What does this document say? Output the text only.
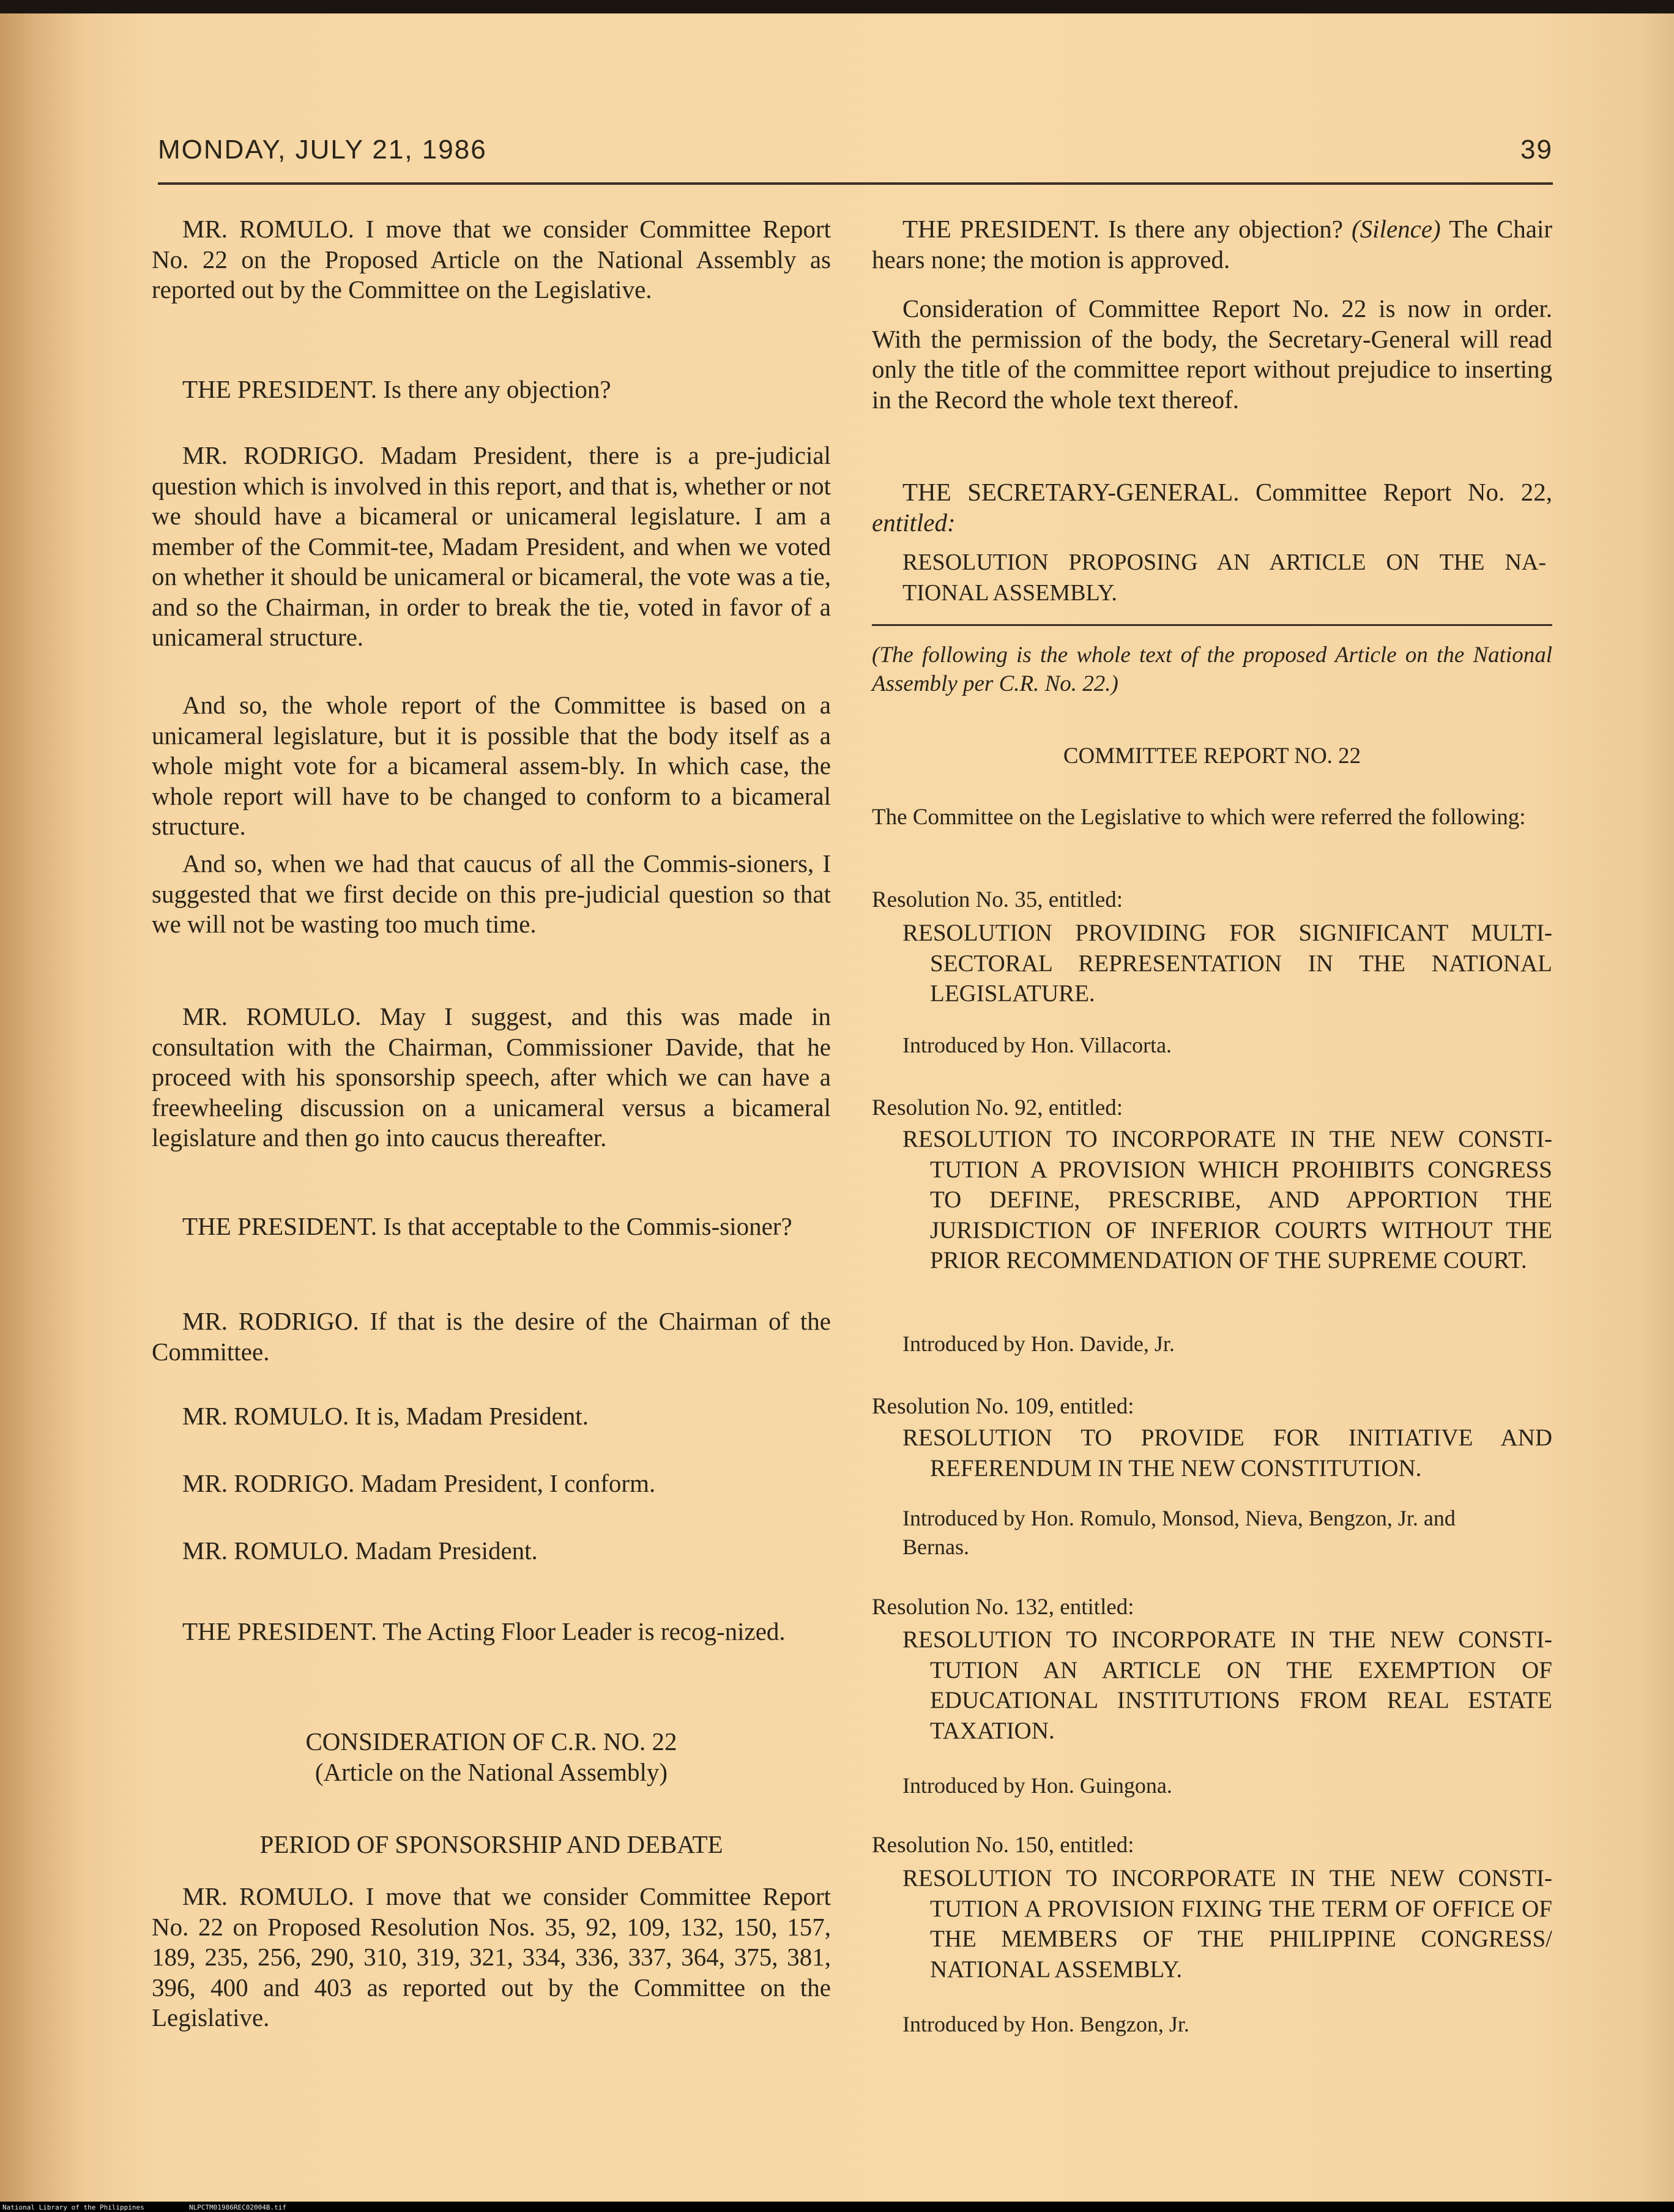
MONDAY, JULY 21, 1986	39

MR. ROMULO. I move that we consider Committee Report No. 22 on the Proposed Article on the National Assembly as reported out by the Committee on the Legislative.

THE PRESIDENT. Is there any objection?

MR. RODRIGO. Madam President, there is a pre-judicial question which is involved in this report, and that is, whether or not we should have a bicameral or unicameral legislature. I am a member of the Commit-tee, Madam President, and when we voted on whether it should be unicameral or bicameral, the vote was a tie, and so the Chairman, in order to break the tie, voted in favor of a unicameral structure.

And so, the whole report of the Committee is based on a unicameral legislature, but it is possible that the body itself as a whole might vote for a bicameral assem-bly. In which case, the whole report will have to be changed to conform to a bicameral structure.

And so, when we had that caucus of all the Commis-sioners, I suggested that we first decide on this pre-judicial question so that we will not be wasting too much time.

MR. ROMULO. May I suggest, and this was made in consultation with the Chairman, Commissioner Davide, that he proceed with his sponsorship speech, after which we can have a freewheeling discussion on a unicameral versus a bicameral legislature and then go into caucus thereafter.

THE PRESIDENT. Is that acceptable to the Commis-sioner?

MR. RODRIGO. If that is the desire of the Chairman of the Committee.

MR. ROMULO. It is, Madam President.

MR. RODRIGO. Madam President, I conform.

MR. ROMULO. Madam President.

THE PRESIDENT. The Acting Floor Leader is recog-nized.

CONSIDERATION OF C.R. NO. 22

(Article on the National Assembly)

PERIOD OF SPONSORSHIP AND DEBATE

MR. ROMULO. I move that we consider Committee Report No. 22 on Proposed Resolution Nos. 35, 92, 109, 132, 150, 157, 189, 235, 256, 290, 310, 319, 321, 334, 336, 337, 364, 375, 381, 396, 400 and 403 as reported out by the Committee on the Legislative.

THE PRESIDENT. Is there any objection? (Silence) The Chair hears none; the motion is approved.

Consideration of Committee Report No. 22 is now in order. With the permission of the body, the Secretary-General will read only the title of the committee report without prejudice to inserting in the Record the whole text thereof.

THE SECRETARY-GENERAL. Committee Report No. 22, entitled:

RESOLUTION PROPOSING AN ARTICLE ON THE NA-TIONAL ASSEMBLY.

(The following is the whole text of the proposed Article on the National Assembly per C.R. No. 22.)

COMMITTEE REPORT NO. 22

The Committee on the Legislative to which were referred the following:

Resolution No. 35, entitled:

RESOLUTION PROVIDING FOR SIGNIFICANT MULTI-SECTORAL REPRESENTATION IN THE NATIONAL LEGISLATURE.

Introduced by Hon. Villacorta.

Resolution No. 92, entitled:

RESOLUTION TO INCORPORATE IN THE NEW CONSTI-TUTION A PROVISION WHICH PROHIBITS CONGRESS TO DEFINE, PRESCRIBE, AND APPORTION THE JURISDICTION OF INFERIOR COURTS WITHOUT THE PRIOR RECOMMENDATION OF THE SUPREME COURT.

Introduced by Hon. Davide, Jr.

Resolution No. 109, entitled:

RESOLUTION TO PROVIDE FOR INITIATIVE AND REFERENDUM IN THE NEW CONSTITUTION.

Introduced by Hon. Romulo, Monsod, Nieva, Bengzon, Jr. and Bernas.

Resolution No. 132, entitled:

RESOLUTION TO INCORPORATE IN THE NEW CONSTI-TUTION AN ARTICLE ON THE EXEMPTION OF EDUCATIONAL INSTITUTIONS FROM REAL ESTATE TAXATION.

Introduced by Hon. Guingona.

Resolution No. 150, entitled:

RESOLUTION TO INCORPORATE IN THE NEW CONSTI-TUTION A PROVISION FIXING THE TERM OF OFFICE OF THE MEMBERS OF THE PHILIPPINE CONGRESS/ NATIONAL ASSEMBLY.

Introduced by Hon. Bengzon, Jr.

National Library of the Philippines	NLPCTM01986REC02004B.tif
